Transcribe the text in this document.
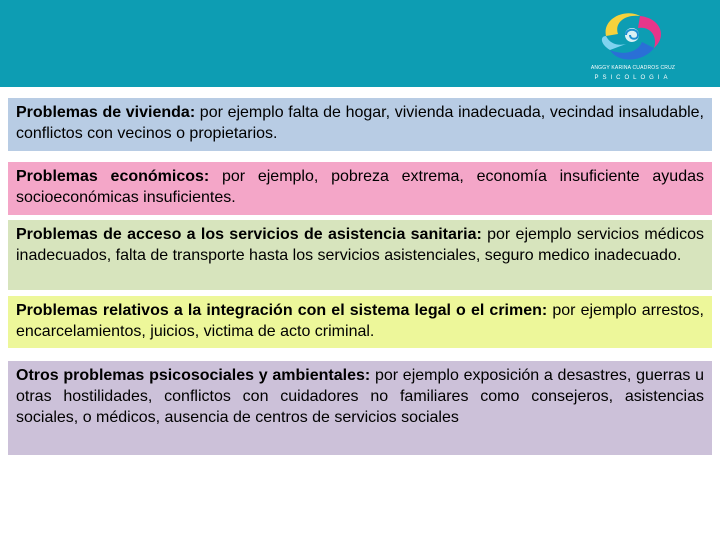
ANGGY KARINA CUADROS CRUZ
PSICOLOGIA
Problemas de vivienda: por ejemplo falta de hogar, vivienda inadecuada, vecindad insaludable, conflictos con vecinos o propietarios.
Problemas económicos: por ejemplo, pobreza extrema, economía insuficiente ayudas socioeconómicas insuficientes.
Problemas de acceso a los servicios de asistencia sanitaria: por ejemplo servicios médicos inadecuados, falta de transporte hasta los servicios asistenciales, seguro medico inadecuado.
Problemas relativos a la integración con el sistema legal o el crimen: por ejemplo arrestos, encarcelamientos, juicios, victima de acto criminal.
Otros problemas psicosociales y ambientales: por ejemplo exposición a desastres, guerras u otras hostilidades, conflictos con cuidadores no familiares como consejeros, asistencias sociales, o médicos, ausencia de centros de servicios sociales
